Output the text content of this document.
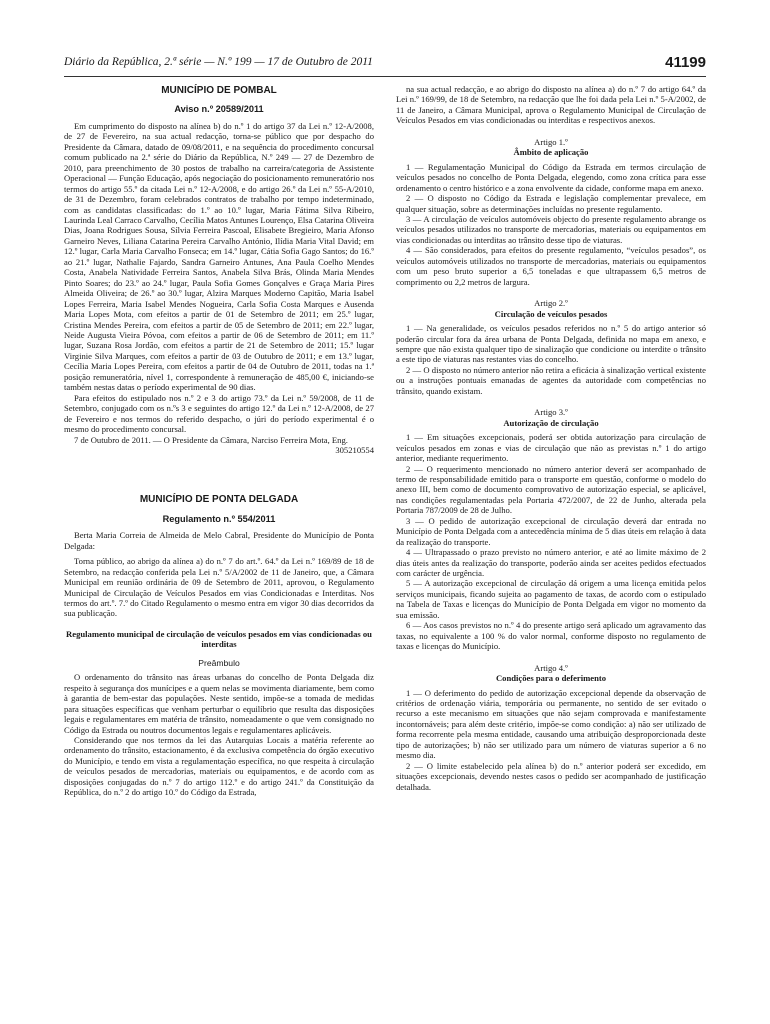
Diário da República, 2.ª série — N.º 199 — 17 de Outubro de 2011	41199
MUNICÍPIO DE POMBAL
Aviso n.º 20589/2011

Em cumprimento do disposto na alínea b) do n.º 1 do artigo 37 da Lei n.º 12-A/2008, de 27 de Fevereiro, na sua actual redacção, torna-se público que por despacho do Presidente da Câmara, datado de 09/08/2011, e na sequência do procedimento concursal comum publicado na 2.ª série do Diário da República, N.º 249 — 27 de Dezembro de 2010, para preenchimento de 30 postos de trabalho na carreira/categoria de Assistente Operacional — Função Educação, após negociação do posicionamento remuneratório nos termos do artigo 55.º da citada Lei n.º 12-A/2008, e do artigo 26.º da Lei n.º 55-A/2010, de 31 de Dezembro, foram celebrados contratos de trabalho por tempo indeterminado, com as candidatas classificadas: do 1.º ao 10.º lugar, Maria Fátima Silva Ribeiro, Laurinda Leal Carraco Carvalho, Cecília Matos Antunes Lourenço, Elsa Catarina Oliveira Dias, Joana Rodrigues Sousa, Sílvia Ferreira Pascoal, Elisabete Bregieiro, Maria Afonso Garneiro Neves, Liliana Catarina Pereira Carvalho António, Ilídia Maria Vital David; em 12.º lugar, Carla Maria Carvalho Fonseca; em 14.º lugar, Cátia Sofia Gago Santos; do 16.º ao 21.º lugar, Nathalie Fajardo, Sandra Garneiro Antunes, Ana Paula Coelho Mendes Costa, Anabela Natividade Ferreira Santos, Anabela Silva Brás, Olinda Maria Mendes Pinto Soares; do 23.º ao 24.º lugar, Paula Sofia Gomes Gonçalves e Graça Maria Pires Almeida Oliveira; de 26.º ao 30.º lugar, Alzira Marques Moderno Capitão, Maria Isabel Lopes Ferreira, Maria Isabel Mendes Nogueira, Carla Sofia Costa Marques e Ausenda Maria Lopes Mota, com efeitos a partir de 01 de Setembro de 2011; em 25.º lugar, Cristina Mendes Pereira, com efeitos a partir de 05 de Setembro de 2011; em 22.º lugar, Neide Augusta Vieira Póvoa, com efeitos a partir de 06 de Setembro de 2011; em 11.º lugar, Suzana Rosa Jordão, com efeitos a partir de 21 de Setembro de 2011; 15.º lugar Virginie Silva Marques, com efeitos a partir de 03 de Outubro de 2011; e em 13.º lugar, Cecília Maria Lopes Pereira, com efeitos a partir de 04 de Outubro de 2011, todas na 1.ª posição remuneratória, nível 1, correspondente à remuneração de 485,00 €, iniciando-se também nestas datas o período experimental de 90 dias.

Para efeitos do estipulado nos n.º 2 e 3 do artigo 73.º da Lei n.º 59/2008, de 11 de Setembro, conjugado com os n.ºs 3 e seguintes do artigo 12.º da Lei n.º 12-A/2008, de 27 de Fevereiro e nos termos do referido despacho, o júri do período experimental é o mesmo do procedimento concursal.

7 de Outubro de 2011. — O Presidente da Câmara, Narciso Ferreira Mota, Eng.

305210554

MUNICÍPIO DE PONTA DELGADA
Regulamento n.º 554/2011

Berta Maria Correia de Almeida de Melo Cabral, Presidente do Município de Ponta Delgada:

Torna público, ao abrigo da alínea a) do n.º 7 do art.º. 64.º da Lei n.º 169/89 de 18 de Setembro, na redacção conferida pela Lei n.º 5/A/2002 de 11 de Janeiro, que, a Câmara Municipal em reunião ordinária de 09 de Setembro de 2011, aprovou, o Regulamento Municipal de Circulação de Veículos Pesados em vias Condicionadas e Interditas. Nos termos do art.º. 7.º do Citado Regulamento o mesmo entra em vigor 30 dias decorridos da sua publicação.

Regulamento municipal de circulação de veículos pesados em vias condicionadas ou interditas

Preâmbulo

O ordenamento do trânsito nas áreas urbanas do concelho de Ponta Delgada diz respeito à segurança dos munícipes e a quem nelas se movimenta diariamente, bem como à garantia de bem-estar das populações. Neste sentido, impõe-se a tomada de medidas para situações específicas que venham perturbar o equilíbrio que resulta das disposições legais e regulamentares em matéria de trânsito, nomeadamente o que vem consignado no Código da Estrada ou noutros documentos legais e regulamentares aplicáveis.

Considerando que nos termos da lei das Autarquias Locais a matéria referente ao ordenamento do trânsito, estacionamento, é da exclusiva competência do órgão executivo do Município, e tendo em vista a regulamentação específica, no que respeita à circulação de veículos pesados de mercadorias, materiais ou equipamentos, e de acordo com as disposições conjugadas do n.º 7 do artigo 112.º e do artigo 241.º da Constituição da República, do n.º 2 do artigo 10.º do Código da Estrada,

na sua actual redacção, e ao abrigo do disposto na alínea a) do n.º 7 do artigo 64.º da Lei n.º 169/99, de 18 de Setembro, na redacção que lhe foi dada pela Lei n.º 5-A/2002, de 11 de Janeiro, a Câmara Municipal, aprova o Regulamento Municipal de Circulação de Veículos Pesados em vias condicionadas ou interditas e respectivos anexos.

Artigo 1.º
Âmbito de aplicação

1 — Regulamentação Municipal do Código da Estrada em termos circulação de veículos pesados no concelho de Ponta Delgada, elegendo, como zona crítica para esse ordenamento o centro histórico e a zona envolvente da cidade, conforme mapa em anexo.

2 — O disposto no Código da Estrada e legislação complementar prevalece, em qualquer situação, sobre as determinações incluídas no presente regulamento.

3 — A circulação de veículos automóveis objecto do presente regulamento abrange os veículos pesados utilizados no transporte de mercadorias, materiais ou equipamentos em vias condicionadas ou interditas ao trânsito desse tipo de viaturas.

4 — São considerados, para efeitos do presente regulamento, “veículos pesados”, os veículos automóveis utilizados no transporte de mercadorias, materiais ou equipamentos com um peso bruto superior a 6,5 toneladas e que ultrapassem 6,5 metros de comprimento ou 2,2 metros de largura.

Artigo 2.º
Circulação de veículos pesados

1 — Na generalidade, os veículos pesados referidos no n.º 5 do artigo anterior só poderão circular fora da área urbana de Ponta Delgada, definida no mapa em anexo, e sempre que não exista qualquer tipo de sinalização que condicione ou interdite o trânsito a este tipo de viaturas nas restantes vias do concelho.

2 — O disposto no número anterior não retira a eficácia à sinalização vertical existente ou a instruções pontuais emanadas de agentes da autoridade com competências no trânsito, quando existam.

Artigo 3.º
Autorização de circulação

1 — Em situações excepcionais, poderá ser obtida autorização para circulação de veículos pesados em zonas e vias de circulação que não as previstas n.º 1 do artigo anterior, mediante requerimento.

2 — O requerimento mencionado no número anterior deverá ser acompanhado de termo de responsabilidade emitido para o transporte em questão, conforme o modelo do anexo III, bem como de documento comprovativo de autorização especial, se aplicável, nas condições regulamentadas pela Portaria 472/2007, de 22 de Junho, alterada pela Portaria 787/2009 de 28 de Julho.

3 — O pedido de autorização excepcional de circulação deverá dar entrada no Município de Ponta Delgada com a antecedência mínima de 5 dias úteis em relação à data da realização do transporte.

4 — Ultrapassado o prazo previsto no número anterior, e até ao limite máximo de 2 dias úteis antes da realização do transporte, poderão ainda ser aceites pedidos efectuados com carácter de urgência.

5 — A autorização excepcional de circulação dá origem a uma licença emitida pelos serviços municipais, ficando sujeita ao pagamento de taxas, de acordo com o estipulado na Tabela de Taxas e licenças do Município de Ponta Delgada em vigor no momento da sua emissão.

6 — Aos casos previstos no n.º 4 do presente artigo será aplicado um agravamento das taxas, no equivalente a 100 % do valor normal, conforme disposto no regulamento de taxas e licenças do Município.

Artigo 4.º
Condições para o deferimento

1 — O deferimento do pedido de autorização excepcional depende da observação de critérios de ordenação viária, temporária ou permanente, no sentido de ser evitado o recurso a este mecanismo em situações que não sejam comprovada e manifestamente incontornáveis; para além deste critério, impõe-se como condição: a) não ser utilizado de forma recorrente pela mesma entidade, causando uma atribuição desproporcionada deste tipo de autorizações; b) não ser utilizado para um número de viaturas superior a 6 no mesmo dia.

2 — O limite estabelecido pela alínea b) do n.º anterior poderá ser excedido, em situações excepcionais, devendo nestes casos o pedido ser acompanhado de justificação detalhada.
